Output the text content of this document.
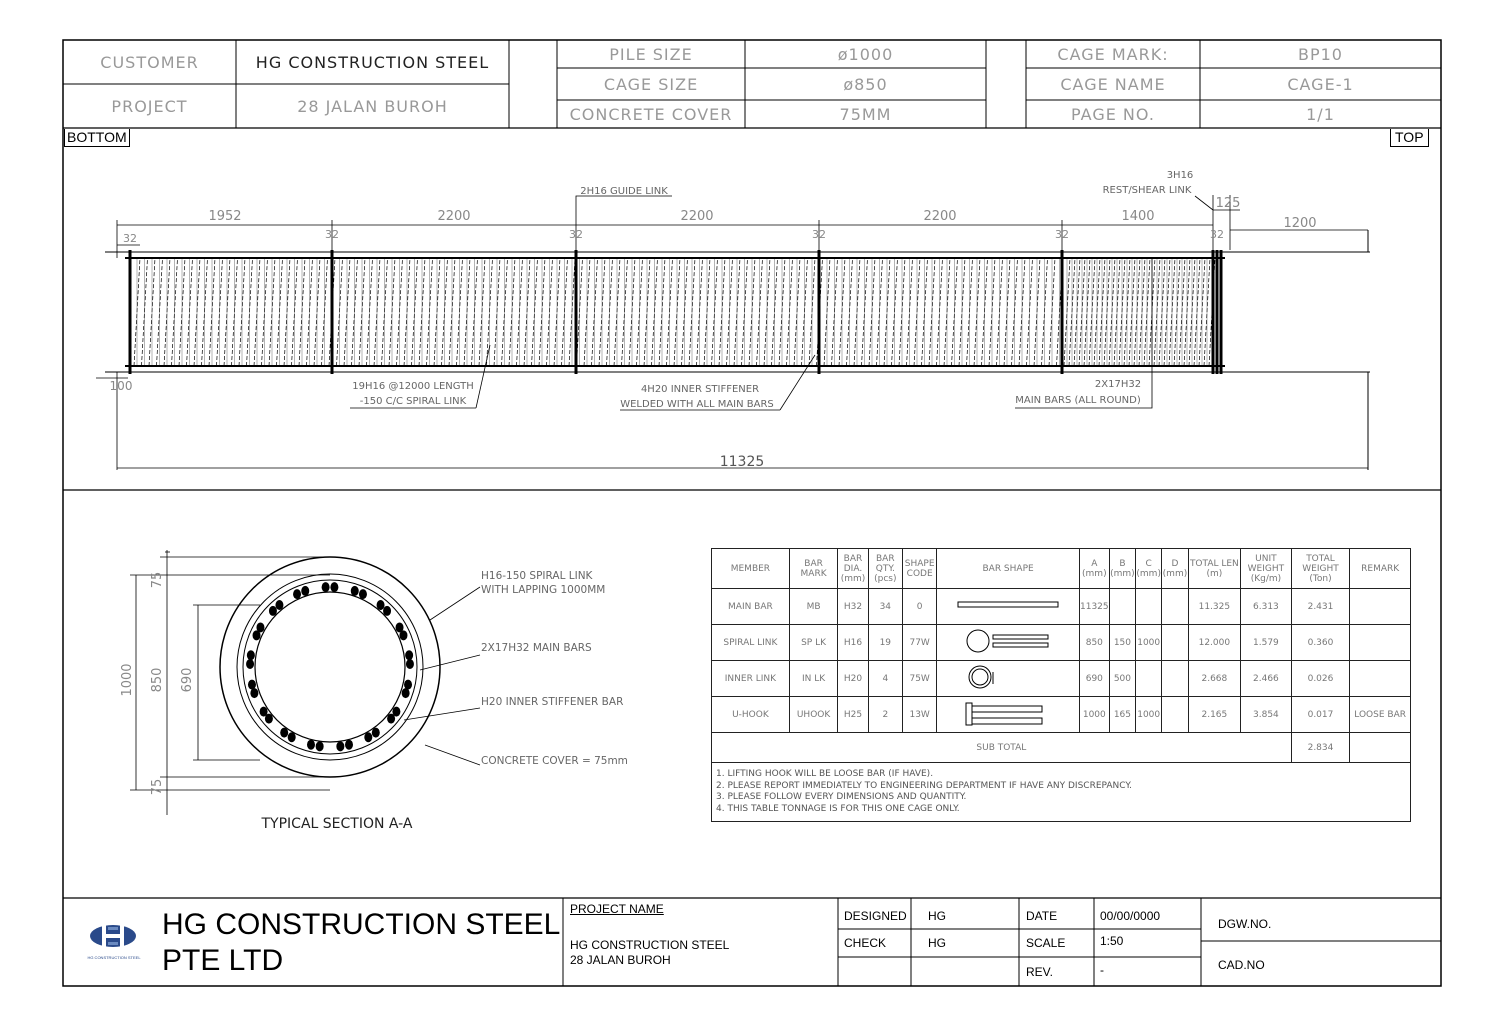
CUSTOMER	HG CONSTRUCTION STEEL
PROJECT	28 JALAN BUROH
PILE SIZE	ø1000
CAGE SIZE	ø850
CONCRETE COVER	75MM
CAGE MARK:	BP10
CAGE NAME	CAGE-1
PAGE NO.	1/1
BOTTOM	TOP
1952	2200	2200	2200	1400	1200
125
11325
100
32	32	32	32	32	32
2H16 GUIDE LINK
3H16
REST/SHEAR LINK
19H16 @12000 LENGTH
-150 C/C SPIRAL LINK
4H20 INNER STIFFENER
WELDED WITH ALL MAIN BARS
2X17H32
MAIN BARS (ALL ROUND)
1000 850 690
75
75
H16-150 SPIRAL LINK
WITH LAPPING 1000MM
2X17H32 MAIN BARS
H20 INNER STIFFENER BAR
CONCRETE COVER = 75mm
TYPICAL SECTION A-A
MEMBER	BAR MARK	BAR DIA. (mm)	BAR QTY. (pcs)	SHAPE CODE	BAR SHAPE	A (mm)	B (mm)	C (mm)	D (mm)	TOTAL LEN (m)	UNIT WEIGHT (Kg/m)	TOTAL WEIGHT (Ton)	REMARK
MAIN BAR	MB	H32	34	0		11325				11.325	6.313	2.431	
SPIRAL LINK	SP LK	H16	19	77W		850	150	1000		12.000	1.579	0.360	
INNER LINK	IN LK	H20	4	75W		690	500			2.668	2.466	0.026	
U-HOOK	UHOOK	H25	2	13W		1000	165	1000		2.165	3.854	0.017	LOOSE BAR
SUB TOTAL												2.834	

1. LIFTING HOOK WILL BE LOOSE BAR (IF HAVE).
2. PLEASE REPORT IMMEDIATELY TO ENGINEERING DEPARTMENT IF HAVE ANY DISCREPANCY.
3. PLEASE FOLLOW EVERY DIMENSIONS AND QUANTITY.
4. THIS TABLE TONNAGE IS FOR THIS ONE CAGE ONLY.													
HG CONSTRUCTION STEEL
HG CONSTRUCTION STEEL
PTE LTD
PROJECT NAME
HG CONSTRUCTION STEEL
28 JALAN BUROH
DESIGNED HG
CHECK	HG
DATE	00/00/0000
SCALE	1:50
REV.	-
DGW.NO.
CAD.NO
